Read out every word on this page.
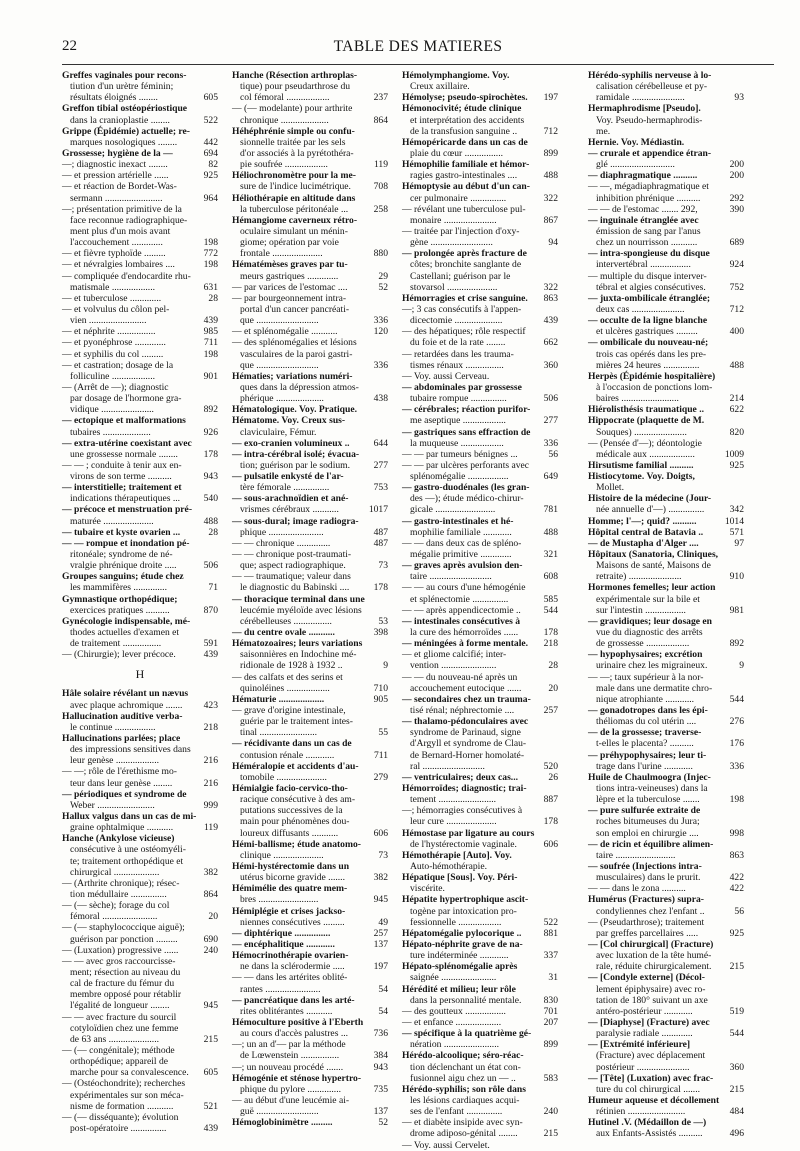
22	TABLE DES MATIERES
Greffes vaginales pour recons-
tiution d'un urètre féminin;
résultats éloignés ........	605
Greffon tibial ostéopériostique
dans la cranioplastie ........	522
Grippe (Épidémie) actuelle; re-
marques nosologiques ........	442
Grossesse; hygiène de la —	694
—; diagnostic inexact ........	82
— et pression artérielle ......	925
— et réaction de Bordet-Was-
sermann ........................	964
—; présentation primitive de la
face reconnue radiographique-
ment plus d'un mois avant
l'accouchement .............	198
— et fièvre typhoïde .........	772
— et névralgies lombaires ....	198
— compliquée d'endocardite rhu-
matismale ..................	631
— et tuberculose .............	28
— et volvulus du côlon pel-
vien ........................	439
— et néphrite ................	985
— et pyonéphrose .............	711
— et syphilis du col .........	198
— et castration; dosage de la
folliculine ..................	901
— (Arrêt de —); diagnostic
par dosage de l'hormone gra-
vidique ......................	892
— ectopique et malformations
tubaires ....................	926
— extra-utérine coexistant avec
une grossesse normale ........	178
— — ; conduite à tenir aux en-
virons de son terme ..........	943
— interstitielle; traitement et
indications thérapeutiques ...	540
— précoce et menstruation pré-
maturée .....................	488
— tubaire et kyste ovarien ...	28
— — rompue et inondation pé-
ritonéale; syndrome de né-
vralgie phrénique droite .....	506
Groupes sanguins; étude chez
les mammifères ..............	71
Gymnastique orthopédique;
exercices pratiques ..........	870
Gynécologie indispensable, mé-
thodes actuelles d'examen et
de traitement ................	591
— (Chirurgie); lever précoce.	439
H
Hâle solaire révélant un nævus
avec plaque achromique .......	423
Hallucination auditive verba-
le continue .................	218
Hallucinations parlées; place
des impressions sensitives dans
leur genèse ..................	216
— —; rôle de l'érethisme mo-
teur dans leur genèse ........	216
— périodiques et syndrome de
Weber ........................	999
Hallux valgus dans un cas de mi-
graine ophtalmique ...........	119
Hanche (Ankylose vicieuse)
consécutive à une ostéomyéli-
te; traitement orthopédique et
chirurgical ...................	382
— (Arthrite chronique); résec-
tion médullaire ...............	864
— (— sèche); forage du col
fémoral .......................	20
— (— staphylococcique aiguë);
guérison par ponction .........	690
— (Luxation) progressive ......	240
— — avec gros raccourcisse-
ment; résection au niveau du
cal de fracture du fémur du
membre opposé pour rétablir
l'égalité de longueur ........	945
— — avec fracture du sourcil
cotyloïdien chez une femme
de 63 ans .....................	215
— (— congénitale); méthode
orthopédique; appareil de
marche pour sa convalescence.	605
— (Ostéochondrite); recherches
expérimentales sur son méca-
nisme de formation ...........	521
— (— disséquante); évolution
post-opératoire ...............	439
Hanche (Résection arthroplas-
tique) pour pseudarthrose du
col fémoral ..................	237
— (— modelante) pour arthrite
chronique ....................	864
Héhéphrénie simple ou confu-
sionnelle traitée par les sels
d'or associés à la pyrétothéra-
pie soufrée ..................	119
Héliochronomètre pour la me-
sure de l'indice lucimétrique.	708
Héliothérapie en altitude dans
la tuberculose péritonéale ...	258
Hémangiome caverneux rétro-
oculaire simulant un ménin-
giome; opération par voie
frontale .....................	880
Hématémèses graves par tu-
meurs gastriques .............	29
— par varices de l'estomac ....	52
— par bourgeonnement intra-
portal d'un cancer pancréati-
que ..........................	336
— et splénomégalie ...........	120
— des splénomégalies et lésions
vasculaires de la paroi gastri-
que ..........................	336
Hématies; variations numéri-
ques dans la dépression atmos-
phérique ....................	438
Hématologique. Voy. Pratique.
Hématome. Voy. Creux sus-
claviculaire, Fémur.
— exo-cranien volumineux ..	644
— intra-cérébral isolé; évacua-
tion; guérison par le sodium.	277
— pulsatile enkysté de l'ar-
tère fémorale ...............	753
— sous-arachnoïdien et ané-
vrismes cérébraux ...........	1017
— sous-dural; image radiogra-
phique .......................	487
— — chronique ..............	487
— — chronique post-traumati-
que; aspect radiographique.	73
— — traumatique; valeur dans
le diagnostic du Babinski ....	178
— thoracique terminal dans une
leucémie myéloïde avec lésions
cérébelleuses ................	53
— du centre ovale ...........	398
Hématozoaires; leurs variations
saisonnières en Indochine mé-
ridionale de 1928 à 1932 ..	9
— des calfats et des serins et
quinoléines ..................	710
Hématurie ...................	905
— grave d'origine intestinale,
guérie par le traitement intes-
tinal ........................	55
— récidivante dans un cas de
contusion rénale ............	711
Héméralopie et accidents d'au-
tomobile .....................	279
Hémialgie facio-cervico-tho-
racique consécutive à des am-
putations successives de la
main pour phénomènes dou-
loureux diffusants ...........	606
Hémi-ballisme; étude anatomo-
clinique .....................	73
Hémi-hystérectomie dans un
utérus bicorne gravide .......	382
Hémimélie des quatre mem-
bres .........................	945
Hémiplégie et crises jackso-
niennes consécutives .........	49
— diphtérique ...............	257
— encéphalitique ............	137
Hémocrinothérapie ovarien-
ne dans la sclérodermie .....	197
— — dans les artérites oblité-
rantes .......................	54
— pancréatique dans les arté-
rites oblitérantes ...........	54
Hémoculture positive à l'Eberth
au cours d'accès palustres ...	736
—; un an d'— par la méthode
de Lœwenstein ................	384
—; un nouveau procédé .......	943
Hémogénie et sténose hypertro-
phique du pylore ..............	735
— au début d'une leucémie ai-
guë ..........................	137
Hémoglobinimètre .........	52
Hémolymphangiome. Voy.
Creux axillaire.
Hémolyse; pseudo-spirochètes.	197
Hémonocivité; étude clinique
et interprétation des accidents
de la transfusion sanguine ..	712
Hémopéricarde dans un cas de
plaie du cœur ................	899
Hémophilie familiale et hémor-
ragies gastro-intestinales ....	488
Hémoptysie au début d'un can-
cer pulmonaire ...............	322
— révélant une tuberculose pul-
monaire ......................	867
— traitée par l'injection d'oxy-
gène ..........................	94
— prolongée après fracture de
côtes; bronchite sanglante de
Castellani; guérison par le
stovarsol .....................	322
Hémorragies et crise sanguine.	863
—; 3 cas consécutifs à l'appen-
dicectomie ....................	439
— des hépatiques; rôle respectif
du foie et de la rate ........	662
— retardées dans les trauma-
tismes rénaux ................	360
— Voy. aussi Cerveau.
— abdominales par grossesse
tubaire rompue ...............	506
— cérébrales; réaction purifor-
me aseptique ..................	277
— gastriques sans effraction de
la muqueuse ..................	336
— — par tumeurs bénignes ...	56
— — par ulcères perforants avec
splénomégalie .................	649
— gastro-duodénales (les gran-
des —); étude médico-chirur-
gicale .........................	781
— gastro-intestinales et hé-
mophilie familiale ............	488
— — dans deux cas de spléno-
mégalie primitive .............	321
— graves après avulsion den-
taire ..........................	608
— — au cours d'une hémogénie
et splénectomie ...............	585
— — après appendicectomie ..	544
— intestinales consécutives à
la cure des hémorroïdes ......	178
— méningées à forme mentale.	218
— et gliome calcifié; inter-
vention .......................	28
— — du nouveau-né après un
accouchement eutocique ......	20
— secondaires chez un trauma-
tisé rénal; néphrectomie ....	257
— thalamo-pédonculaires avec
syndrome de Parinaud, signe
d'Argyll et syndrome de Clau-
de Bernard-Horner homolaté-
ral ..........................	520
— ventriculaires; deux cas...	26
Hémorroïdes; diagnostic; trai-
tement ........................	887
—; hémorragies consécutives à
leur cure .....................	178
Hémostase par ligature au cours
de l'hystérectomie vaginale.	606
Hémothérapie [Auto]. Voy.
Auto-hémothérapie.
Hépatique [Sous]. Voy. Péri-
viscérite.
Hépatite hypertrophique ascit-
togène par intoxication pro-
fessionnelle ..................	522
Hépatomégalie pylocorique ..	881
Hépato-néphrite grave de na-
ture indéterminée ............	337
Hépato-splénomégalie après
saignée .......................	31
Hérédité et milieu; leur rôle
dans la personnalité mentale.	830
— des goutteux .................	701
— et enfance ...................	207
— spécifique à la quatrième gé-
nération .......................	899
Hérédo-alcoolique; séro-réac-
tion déclenchant un état con-
fusionnel aigu chez un — ..	583
Hérédo-syphilis; son rôle dans
les lésions cardiaques acqui-
ses de l'enfant ...............	240
— et diabète insipide avec syn-
drome adiposo-génital ........	215
— Voy. aussi Cervelet.
Hérédo-syphilis nerveuse à lo-
calisation cérébelleuse et py-
ramidale ......................	93
Hermaphrodisme [Pseudo].
Voy. Pseudo-hermaphrodis-
me.
Hernie. Voy. Médiastin.
— crurale et appendice étran-
glé ...........................	200
— diaphragmatique ..........	200
— —, mégadiaphragmatique et
inhibition phrénique ..........	292
— — de l'estomac ....... 292,	390
— inguinale étranglée avec
émission de sang par l'anus
chez un nourrisson ...........	689
— intra-spongieuse du disque
intervertébral .................	924
— multiple du disque interver-
tébral et algies consécutives.	752
— juxta-ombilicale étranglée;
deux cas ......................	712
— occulte de la ligne blanche
et ulcères gastriques .........	400
— ombilicale du nouveau-né;
trois cas opérés dans les pre-
mières 24 heures ...............	488
Herpès (Épidémie hospitalière)
à l'occasion de ponctions lom-
baires ........................	214
Hiérolisthésis traumatique ..	622
Hippocrate (plaquette de M.
Souques) ......................	820
— (Pensée d'—); déontologie
médicale aux ...................	1009
Hirsutisme familial ..........	925
Histiocytome. Voy. Doigts,
Mollet.
Histoire de la médecine (Jour-
née annuelle d'—) ...............	342
Homme; l'—; quid? ..........	1014
Hôpital central de Batavia ..	571
— de Mustapha d'Alger ....	97
Hôpitaux (Sanatoria, Cliniques,
Maisons de santé, Maisons de
retraite) ......................	910
Hormones femelles; leur action
expérimentale sur la bile et
sur l'intestin .................	981
— gravidiques; leur dosage en
vue du diagnostic des arrêts
de grossesse ..................	892
— hypophysaires; excrétion
urinaire chez les migraineux.	9
— —; taux supérieur à la nor-
male dans une dermatite chro-
nique atrophiante ............	544
— gonadotropes dans les épi-
théliomas du col utérin ....	276
— de la grossesse; traverse-
t-elles le placenta? ..........	176
— préhypophysaires; leur ti-
trage dans l'urine ............	336
Huile de Chaulmoogra (Injec-
tions intra-veineuses) dans la
lèpre et la tuberculose .......	198
— pure sulfurée extraite de
roches bitumeuses du Jura;
son emploi en chirurgie ....	998
— de ricin et équilibre alimen-
taire .........................	863
— soufrée (Injections intra-
musculaires) dans le prurit.	422
— — dans le zona ..........	422
Humérus (Fractures) supra-
condyliennes chez l'enfant ..	56
— (Pseudarthrose); traitement
par greffes parcellaires .....	925
— [Col chirurgical] (Fracture)
avec luxation de la tête humé-
rale, réduite chirurgicalement.	215
— [Condyle externe] (Décol-
lement épiphysaire) avec ro-
tation de 180° suivant un axe
antéro-postérieur ............	519
— [Diaphyse] (Fracture) avec
paralysie radiale .............	544
— [Extrémité inférieure]
(Fracture) avec déplacement
postérieur ......................	360
— [Tête] (Luxation) avec frac-
ture du col chirurgical .......	215
Humeur aqueuse et décollement
rétinien ........................	484
Hutinel .V. (Médaillon de —)
aux Enfants-Assistés ..........	496
